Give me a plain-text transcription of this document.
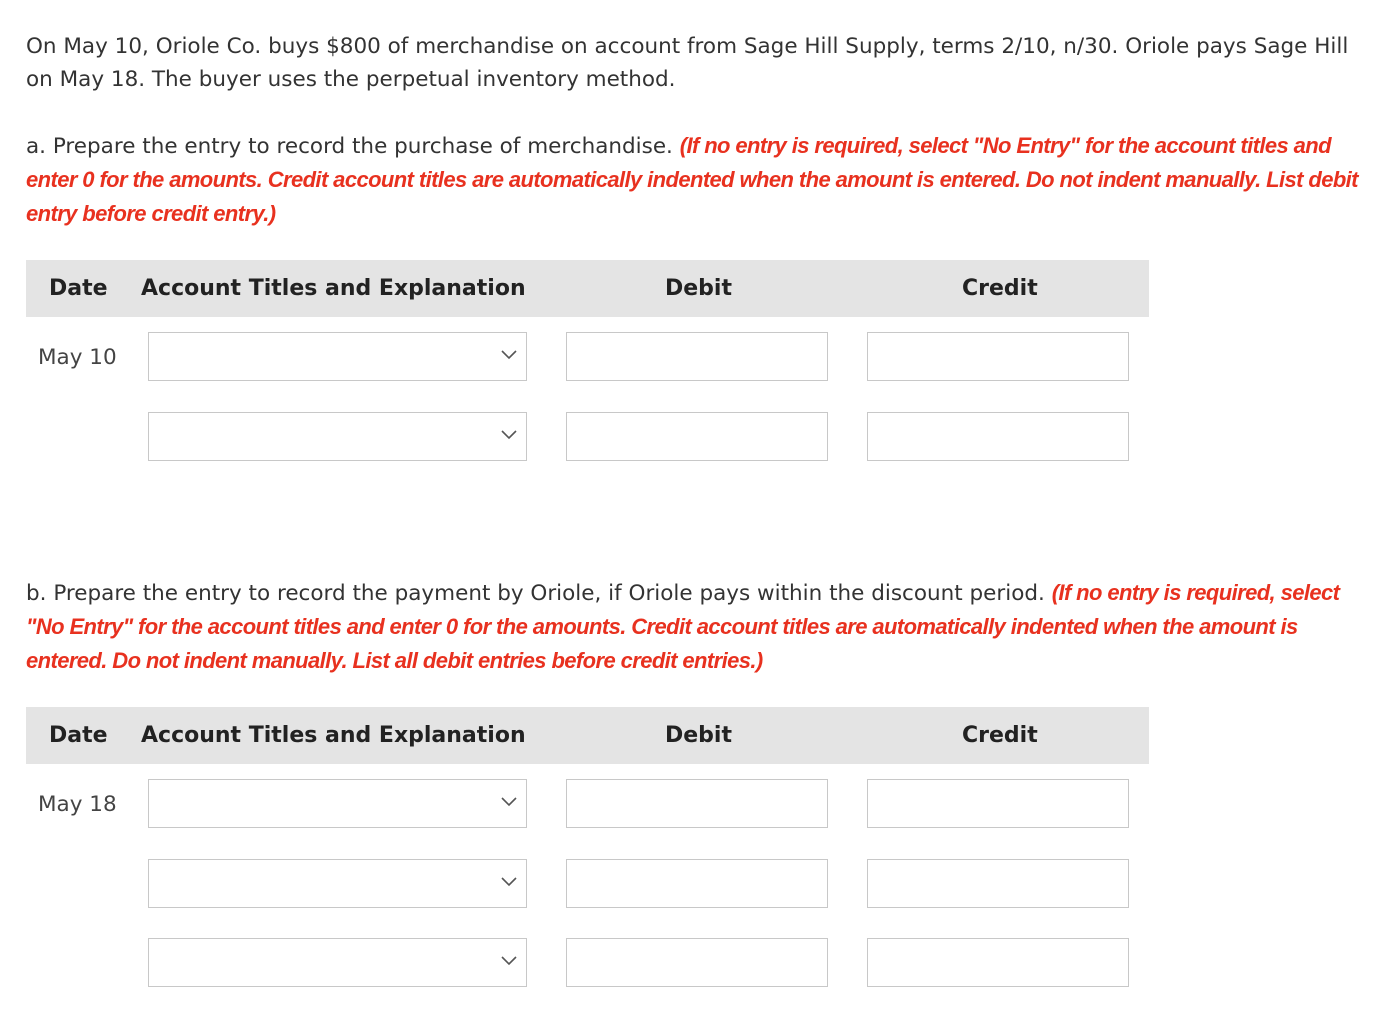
On May 10, Oriole Co. buys $800 of merchandise on account from Sage Hill Supply, terms 2/10, n/30. Oriole pays Sage Hill on May 18. The buyer uses the perpetual inventory method.

a. Prepare the entry to record the purchase of merchandise. (If no entry is required, select "No Entry" for the account titles and enter 0 for the amounts. Credit account titles are automatically indented when the amount is entered. Do not indent manually. List debit entry before credit entry.)

Date Account Titles and Explanation	Debit	Credit
May 10

b. Prepare the entry to record the payment by Oriole, if Oriole pays within the discount period. (If no entry is required, select "No Entry" for the account titles and enter 0 for the amounts. Credit account titles are automatically indented when the amount is entered. Do not indent manually. List all debit entries before credit entries.)

Date Account Titles and Explanation	Debit	Credit
May 18
